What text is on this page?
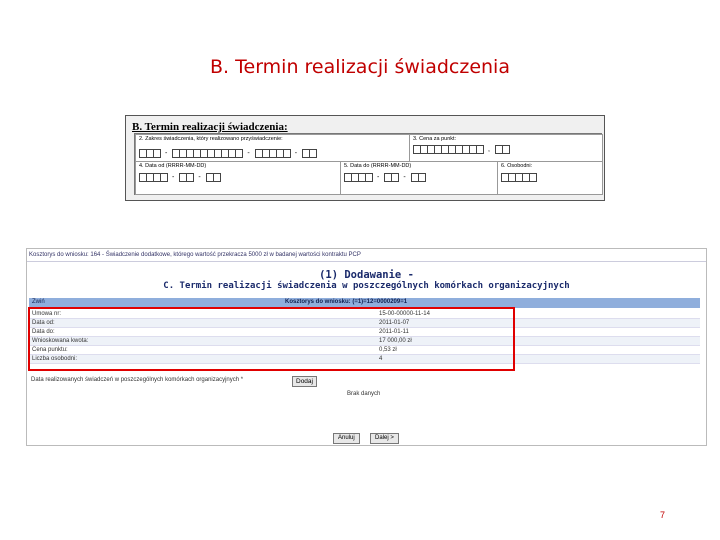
B. Termin realizacji świadczenia
B. Termin realizacji świadczenia:
2. Zakres świadczenia, który realizowano przyświadczenie:
-	-	-
3. Cena za punkt:
,
4. Data od (RRRR-MM-DD)
-	-
5. Data do (RRRR-MM-DD)
-	-
6. Osobodni:
Kosztorys do wniosku: 164 - Świadczenie dodatkowe, którego wartość przekracza 5000 zł w badanej wartości kontraktu PCP
(1) Dodawanie -
C. Termin realizacji świadczenia w poszczególnych komórkach organizacyjnych
Zwiń	Kosztorys do wniosku: (=1)=12=0000209=1
Umowa nr:	15-00-00000-11-14
Data od:	2011-01-07
Data do:	2011-01-11
Wnioskowana kwota:	17 000,00 zł
Cena punktu:	0,53 zł
Liczba osobodni:	4
Data realizowanych świadczeń w poszczególnych komórkach organizacyjnych *	Dodaj
Brak danych
Anuluj	Dalej >
7
